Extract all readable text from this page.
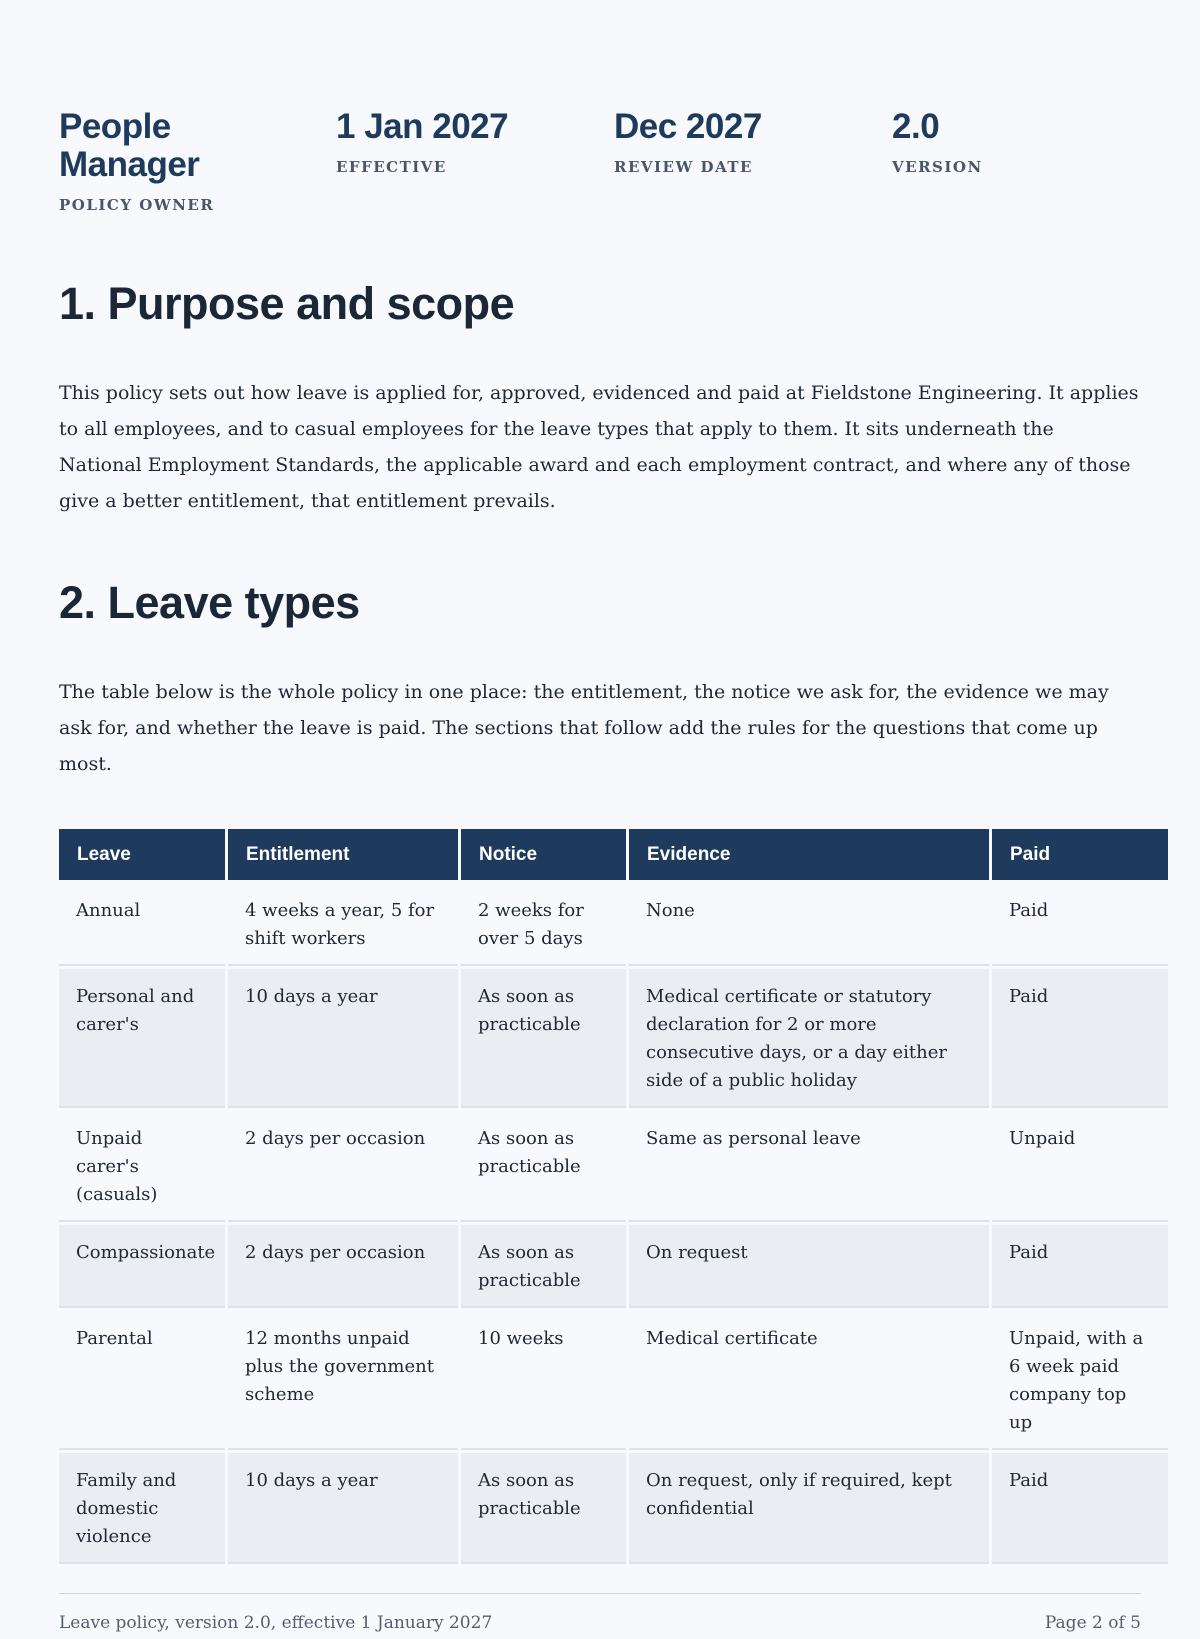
People Manager
POLICY OWNER
1 Jan 2027
EFFECTIVE
Dec 2027
REVIEW DATE
2.0
VERSION
1. Purpose and scope

This policy sets out how leave is applied for, approved, evidenced and paid at Fieldstone Engineering. It applies to all employees, and to casual employees for the leave types that apply to them. It sits underneath the National Employment Standards, the applicable award and each employment contract, and where any of those give a better entitlement, that entitlement prevails.

2. Leave types

The table below is the whole policy in one place: the entitlement, the notice we ask for, the evidence we may ask for, and whether the leave is paid. The sections that follow add the rules for the questions that come up most.

Leave	Entitlement	Notice	Evidence	Paid
Annual	4 weeks a year, 5 for shift workers	2 weeks for over 5 days	None	Paid
Personal and carer's	10 days a year	As soon as practicable	Medical certificate or statutory declaration for 2 or more consecutive days, or a day either side of a public holiday	Paid
Unpaid carer's (casuals)	2 days per occasion	As soon as practicable	Same as personal leave	Unpaid
Compassionate	2 days per occasion	As soon as practicable	On request	Paid
Parental	12 months unpaid plus the government scheme	10 weeks	Medical certificate	Unpaid, with a 6 week paid company top up
Family and domestic violence	10 days a year	As soon as practicable	On request, only if required, kept confidential	Paid
Leave policy, version 2.0, effective 1 January 2027	Page 2 of 5
